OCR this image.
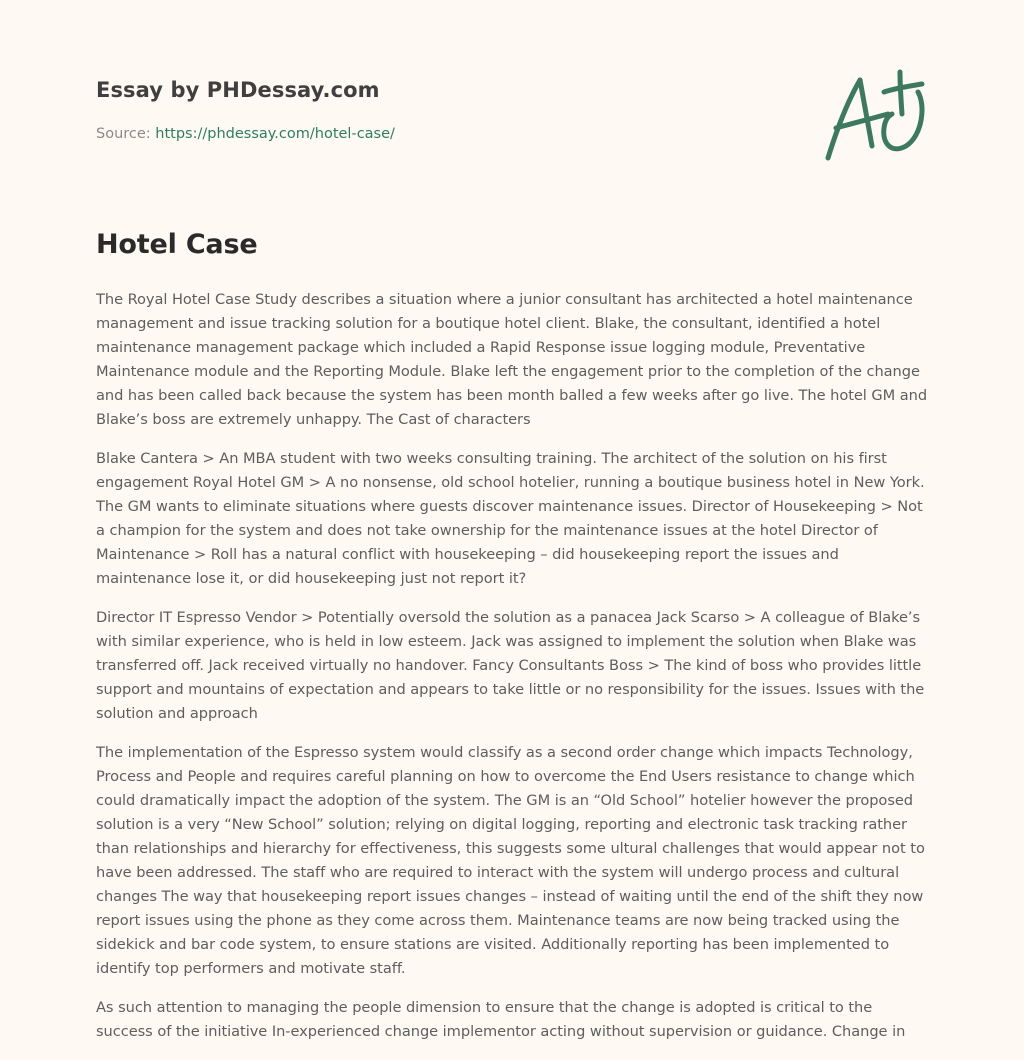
Essay by PHDessay.com
Source: https://phdessay.com/hotel-case/
Hotel Case

The Royal Hotel Case Study describes a situation where a junior consultant has architected a hotel maintenance management and issue tracking solution for a boutique hotel client. Blake, the consultant, identified a hotel maintenance management package which included a Rapid Response issue logging module, Preventative Maintenance module and the Reporting Module. Blake left the engagement prior to the completion of the change and has been called back because the system has been month balled a few weeks after go live. The hotel GM and Blake’s boss are extremely unhappy. The Cast of characters

Blake Cantera > An MBA student with two weeks consulting training. The architect of the solution on his first engagement Royal Hotel GM > A no nonsense, old school hotelier, running a boutique business hotel in New York. The GM wants to eliminate situations where guests discover maintenance issues. Director of Housekeeping > Not a champion for the system and does not take ownership for the maintenance issues at the hotel Director of Maintenance > Roll has a natural conflict with housekeeping – did housekeeping report the issues and maintenance lose it, or did housekeeping just not report it?

Director IT Espresso Vendor > Potentially oversold the solution as a panacea Jack Scarso > A colleague of Blake’s with similar experience, who is held in low esteem. Jack was assigned to implement the solution when Blake was transferred off. Jack received virtually no handover. Fancy Consultants Boss > The kind of boss who provides little support and mountains of expectation and appears to take little or no responsibility for the issues. Issues with the solution and approach

The implementation of the Espresso system would classify as a second order change which impacts Technology, Process and People and requires careful planning on how to overcome the End Users resistance to change which could dramatically impact the adoption of the system. The GM is an “Old School” hotelier however the proposed solution is a very “New School” solution; relying on digital logging, reporting and electronic task tracking rather than relationships and hierarchy for effectiveness, this suggests some ultural challenges that would appear not to have been addressed. The staff who are required to interact with the system will undergo process and cultural changes The way that housekeeping report issues changes – instead of waiting until the end of the shift they now report issues using the phone as they come across them. Maintenance teams are now being tracked using the sidekick and bar code system, to ensure stations are visited. Additionally reporting has been implemented to identify top performers and motivate staff.

As such attention to managing the people dimension to ensure that the change is adopted is critical to the success of the initiative In-experienced change implementor acting without supervision or guidance. Change in
